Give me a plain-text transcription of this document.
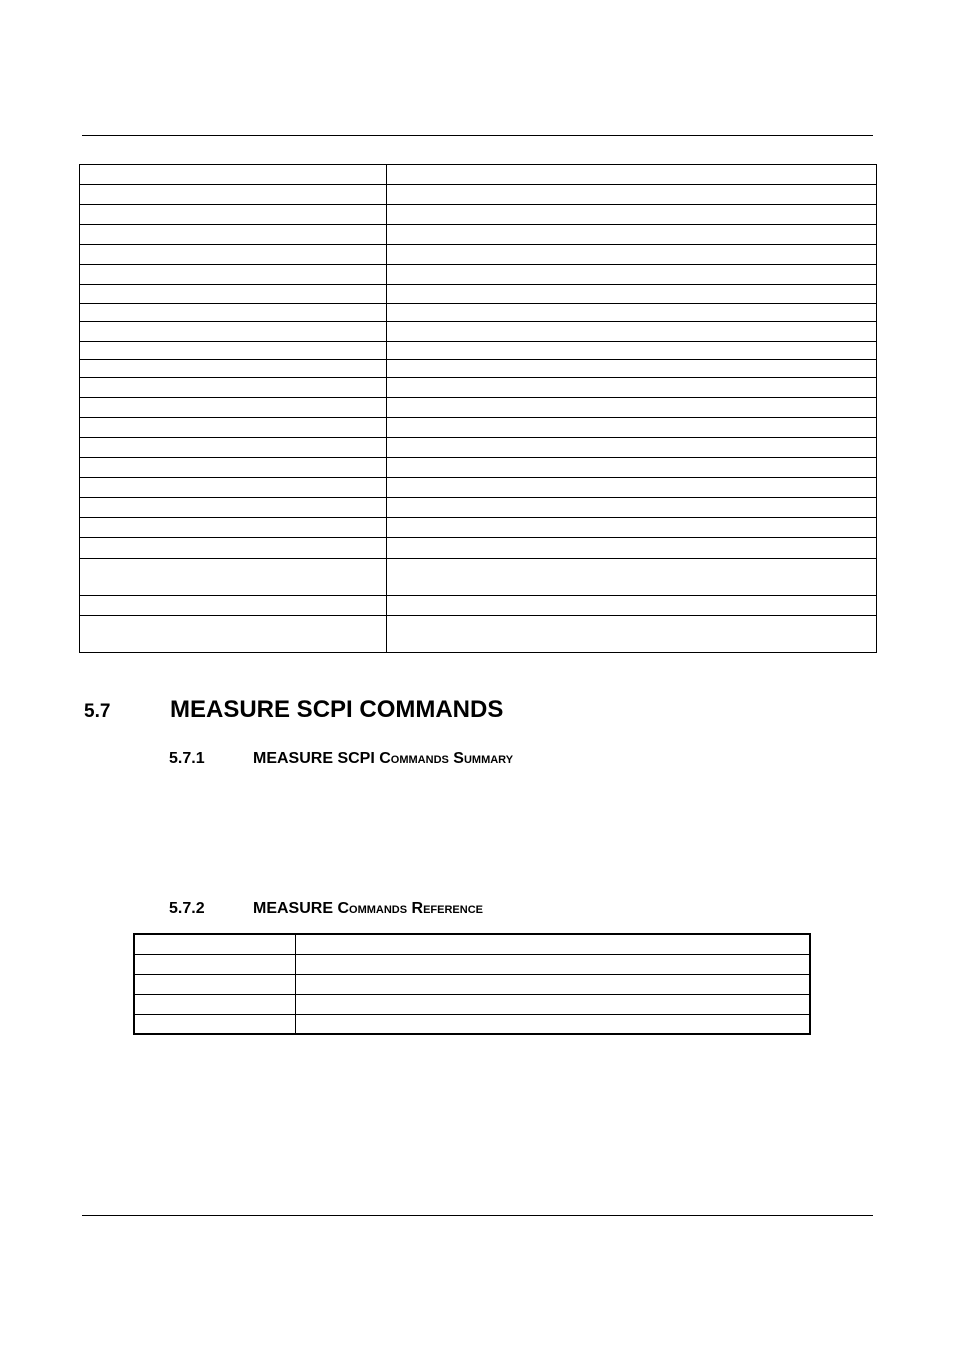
5.7 MEASURE SCPI COMMANDS
5.7.1	MEASURE SCPI Commands Summary
5.7.2	MEASURE Commands Reference
